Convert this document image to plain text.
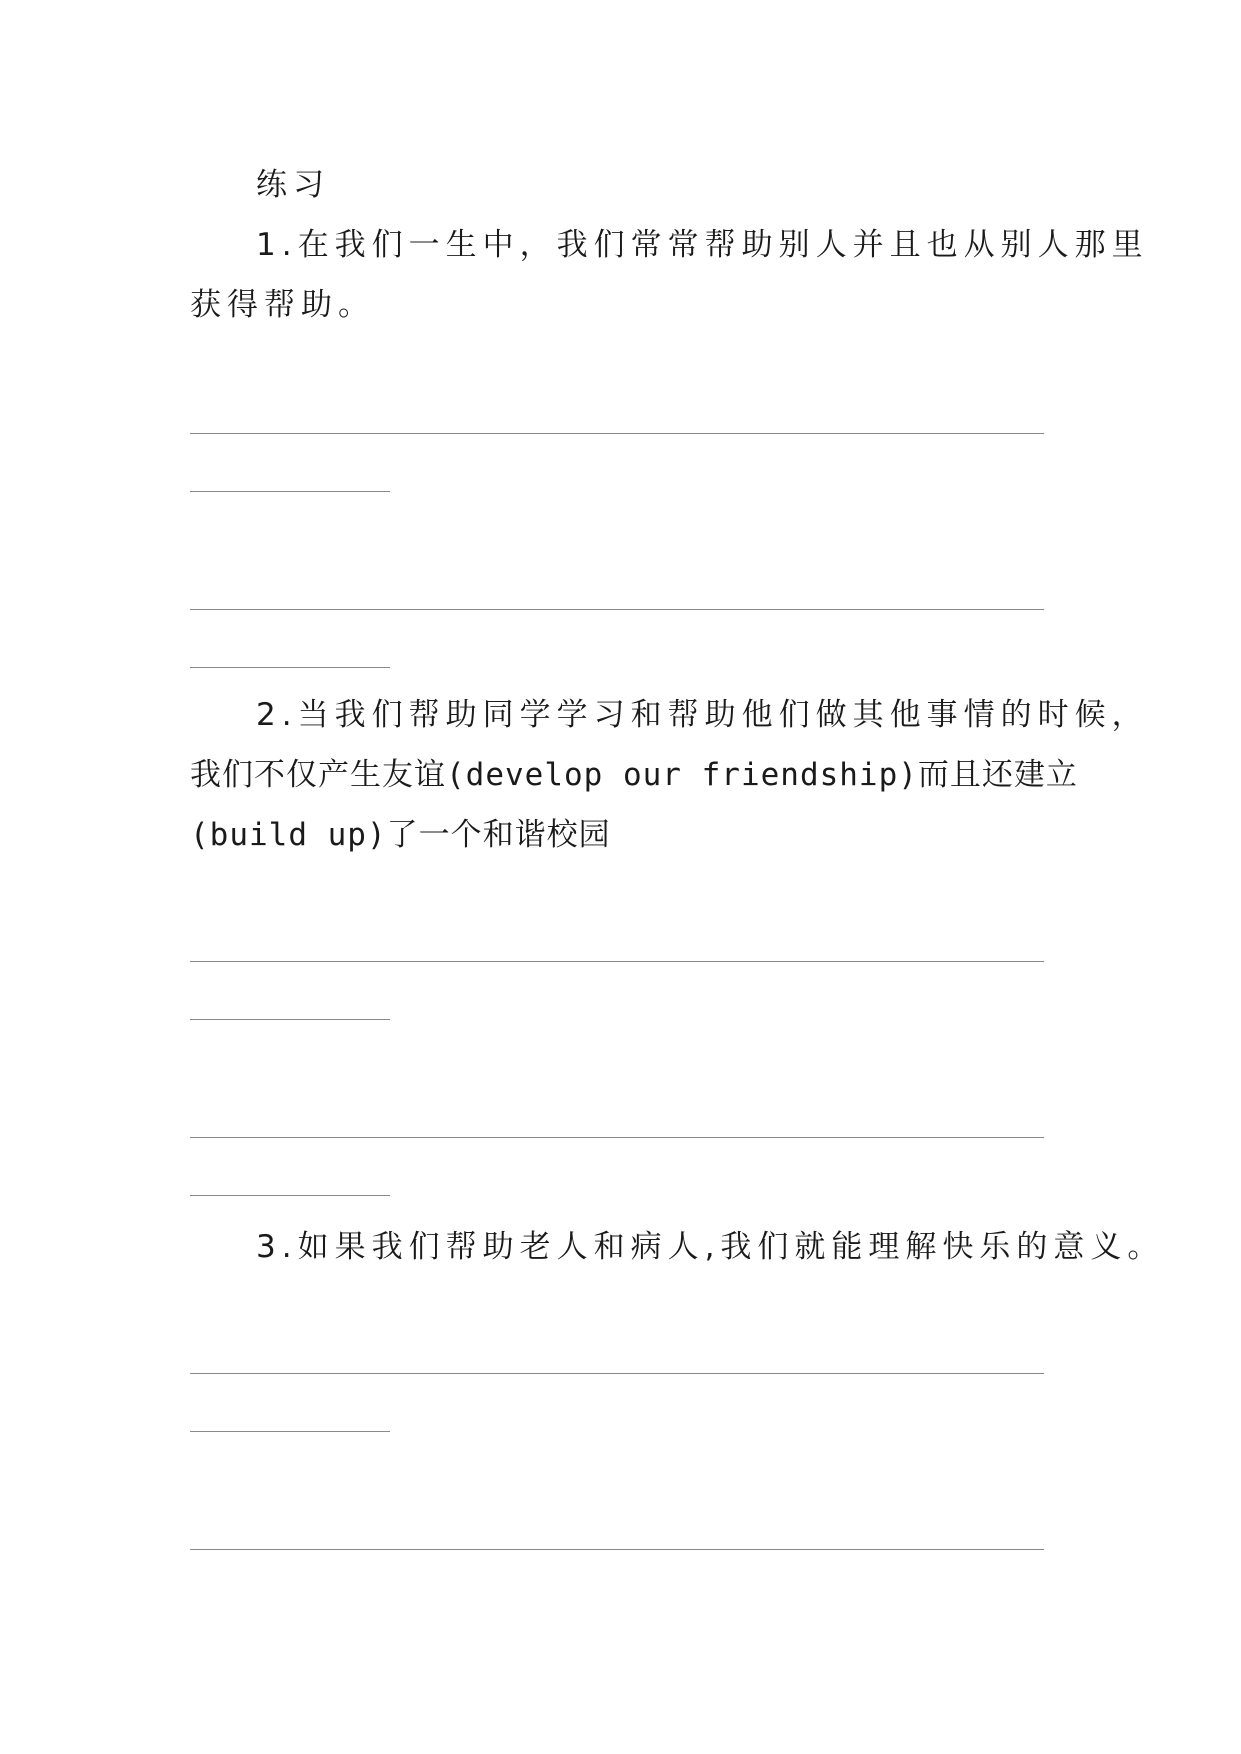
练习
1.在我们一生中，我们常常帮助别人并且也从别人那里
获得帮助。
2.当我们帮助同学学习和帮助他们做其他事情的时候，
我们不仅产生友谊(develop our friendship)而且还建立
(build up)了一个和谐校园
3.如果我们帮助老人和病人,我们就能理解快乐的意义。
